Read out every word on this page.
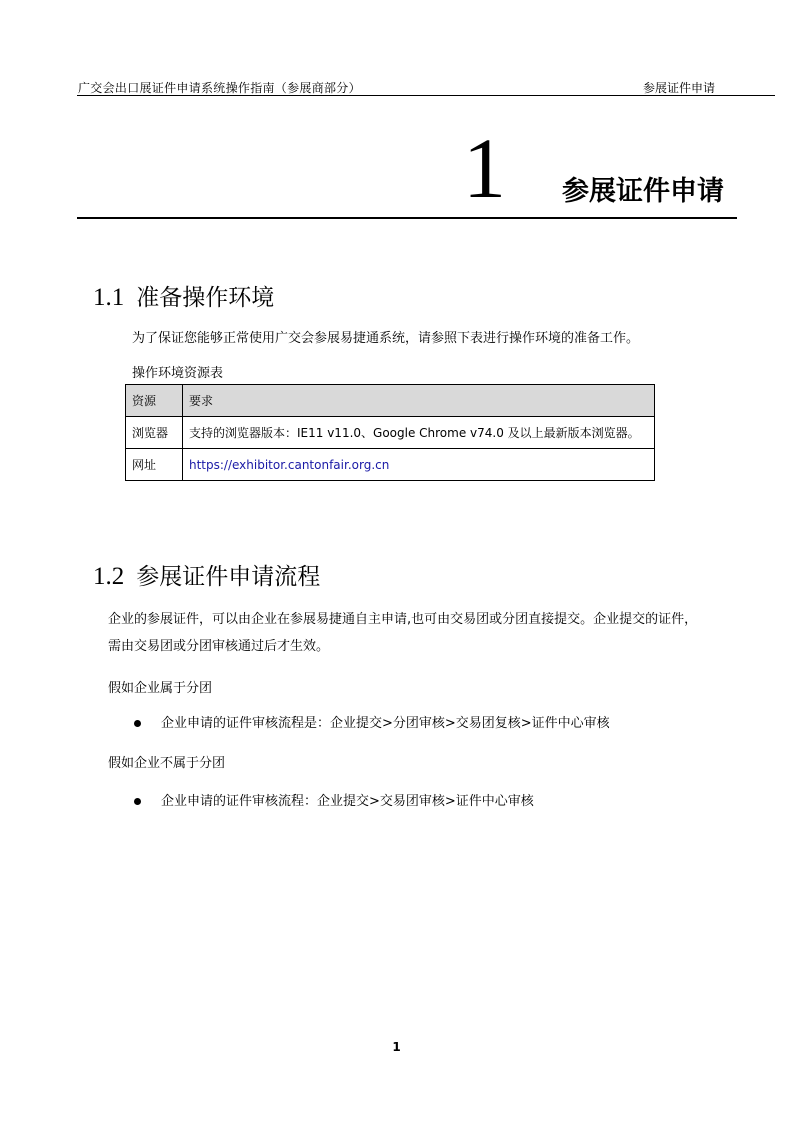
广交会出口展证件申请系统操作指南（参展商部分）	参展证件申请
1 参展证件申请
1.1 准备操作环境
为了保证您能够正常使用广交会参展易捷通系统，请参照下表进行操作环境的准备工作。
操作环境资源表
资源	要求
浏览器	支持的浏览器版本：IE11 v11.0、Google Chrome v74.0 及以上最新版本浏览器。
网址	https://exhibitor.cantonfair.org.cn
1.2 参展证件申请流程
企业的参展证件，可以由企业在参展易捷通自主申请,也可由交易团或分团直接提交。企业提交的证件，
需由交易团或分团审核通过后才生效。
假如企业属于分团
企业申请的证件审核流程是：企业提交>分团审核>交易团复核>证件中心审核
假如企业不属于分团
企业申请的证件审核流程：企业提交>交易团审核>证件中心审核
1
